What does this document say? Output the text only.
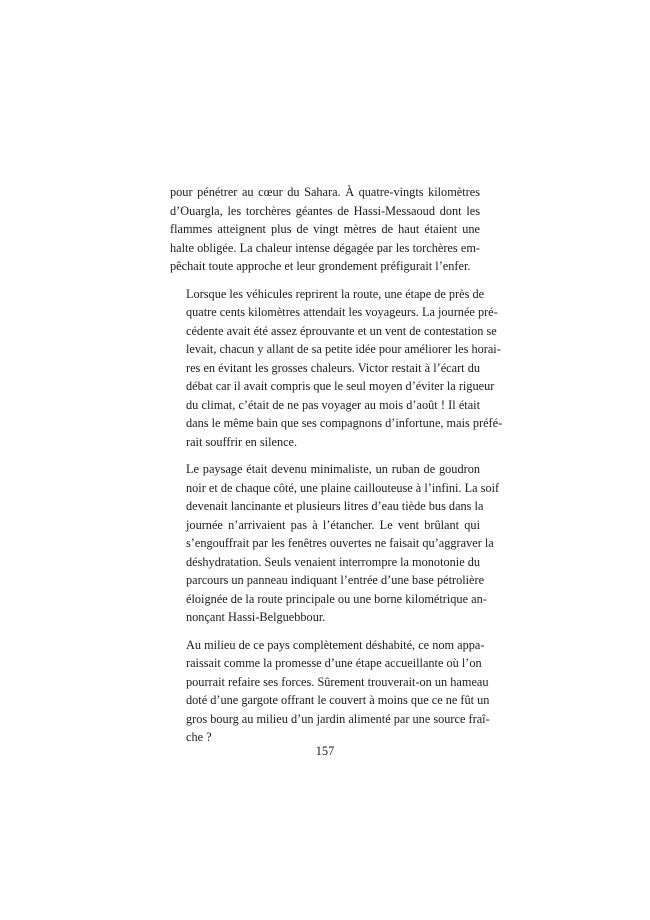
pour pénétrer au cœur du Sahara. À quatre-vingts kilomètres
d’Ouargla, les torchères géantes de Hassi-Messaoud dont les
flammes atteignent plus de vingt mètres de haut étaient une
halte obligée. La chaleur intense dégagée par les torchères em-
pêchait toute approche et leur grondement préfigurait l’enfer.

Lorsque les véhicules reprirent la route, une étape de près de
quatre cents kilomètres attendait les voyageurs. La journée pré-
cédente avait été assez éprouvante et un vent de contestation se
levait, chacun y allant de sa petite idée pour améliorer les horai-
res en évitant les grosses chaleurs. Victor restait à l’écart du
débat car il avait compris que le seul moyen d’éviter la rigueur
du climat, c’était de ne pas voyager au mois d’août ! Il était
dans le même bain que ses compagnons d’infortune, mais préfé-
rait souffrir en silence.

Le paysage était devenu minimaliste, un ruban de goudron
noir et de chaque côté, une plaine caillouteuse à l’infini. La soif
devenait lancinante et plusieurs litres d’eau tiède bus dans la
journée n’arrivaient pas à l’étancher. Le vent brûlant qui
s’engouffrait par les fenêtres ouvertes ne faisait qu’aggraver la
déshydratation. Seuls venaient interrompre la monotonie du
parcours un panneau indiquant l’entrée d’une base pétrolière
éloignée de la route principale ou une borne kilométrique an-
nonçant Hassi-Belguebbour.

Au milieu de ce pays complètement déshabité, ce nom appa-
raissait comme la promesse d’une étape accueillante où l’on
pourrait refaire ses forces. Sûrement trouverait-on un hameau
doté d’une gargote offrant le couvert à moins que ce ne fût un
gros bourg au milieu d’un jardin alimenté par une source fraî-
che ?

157
